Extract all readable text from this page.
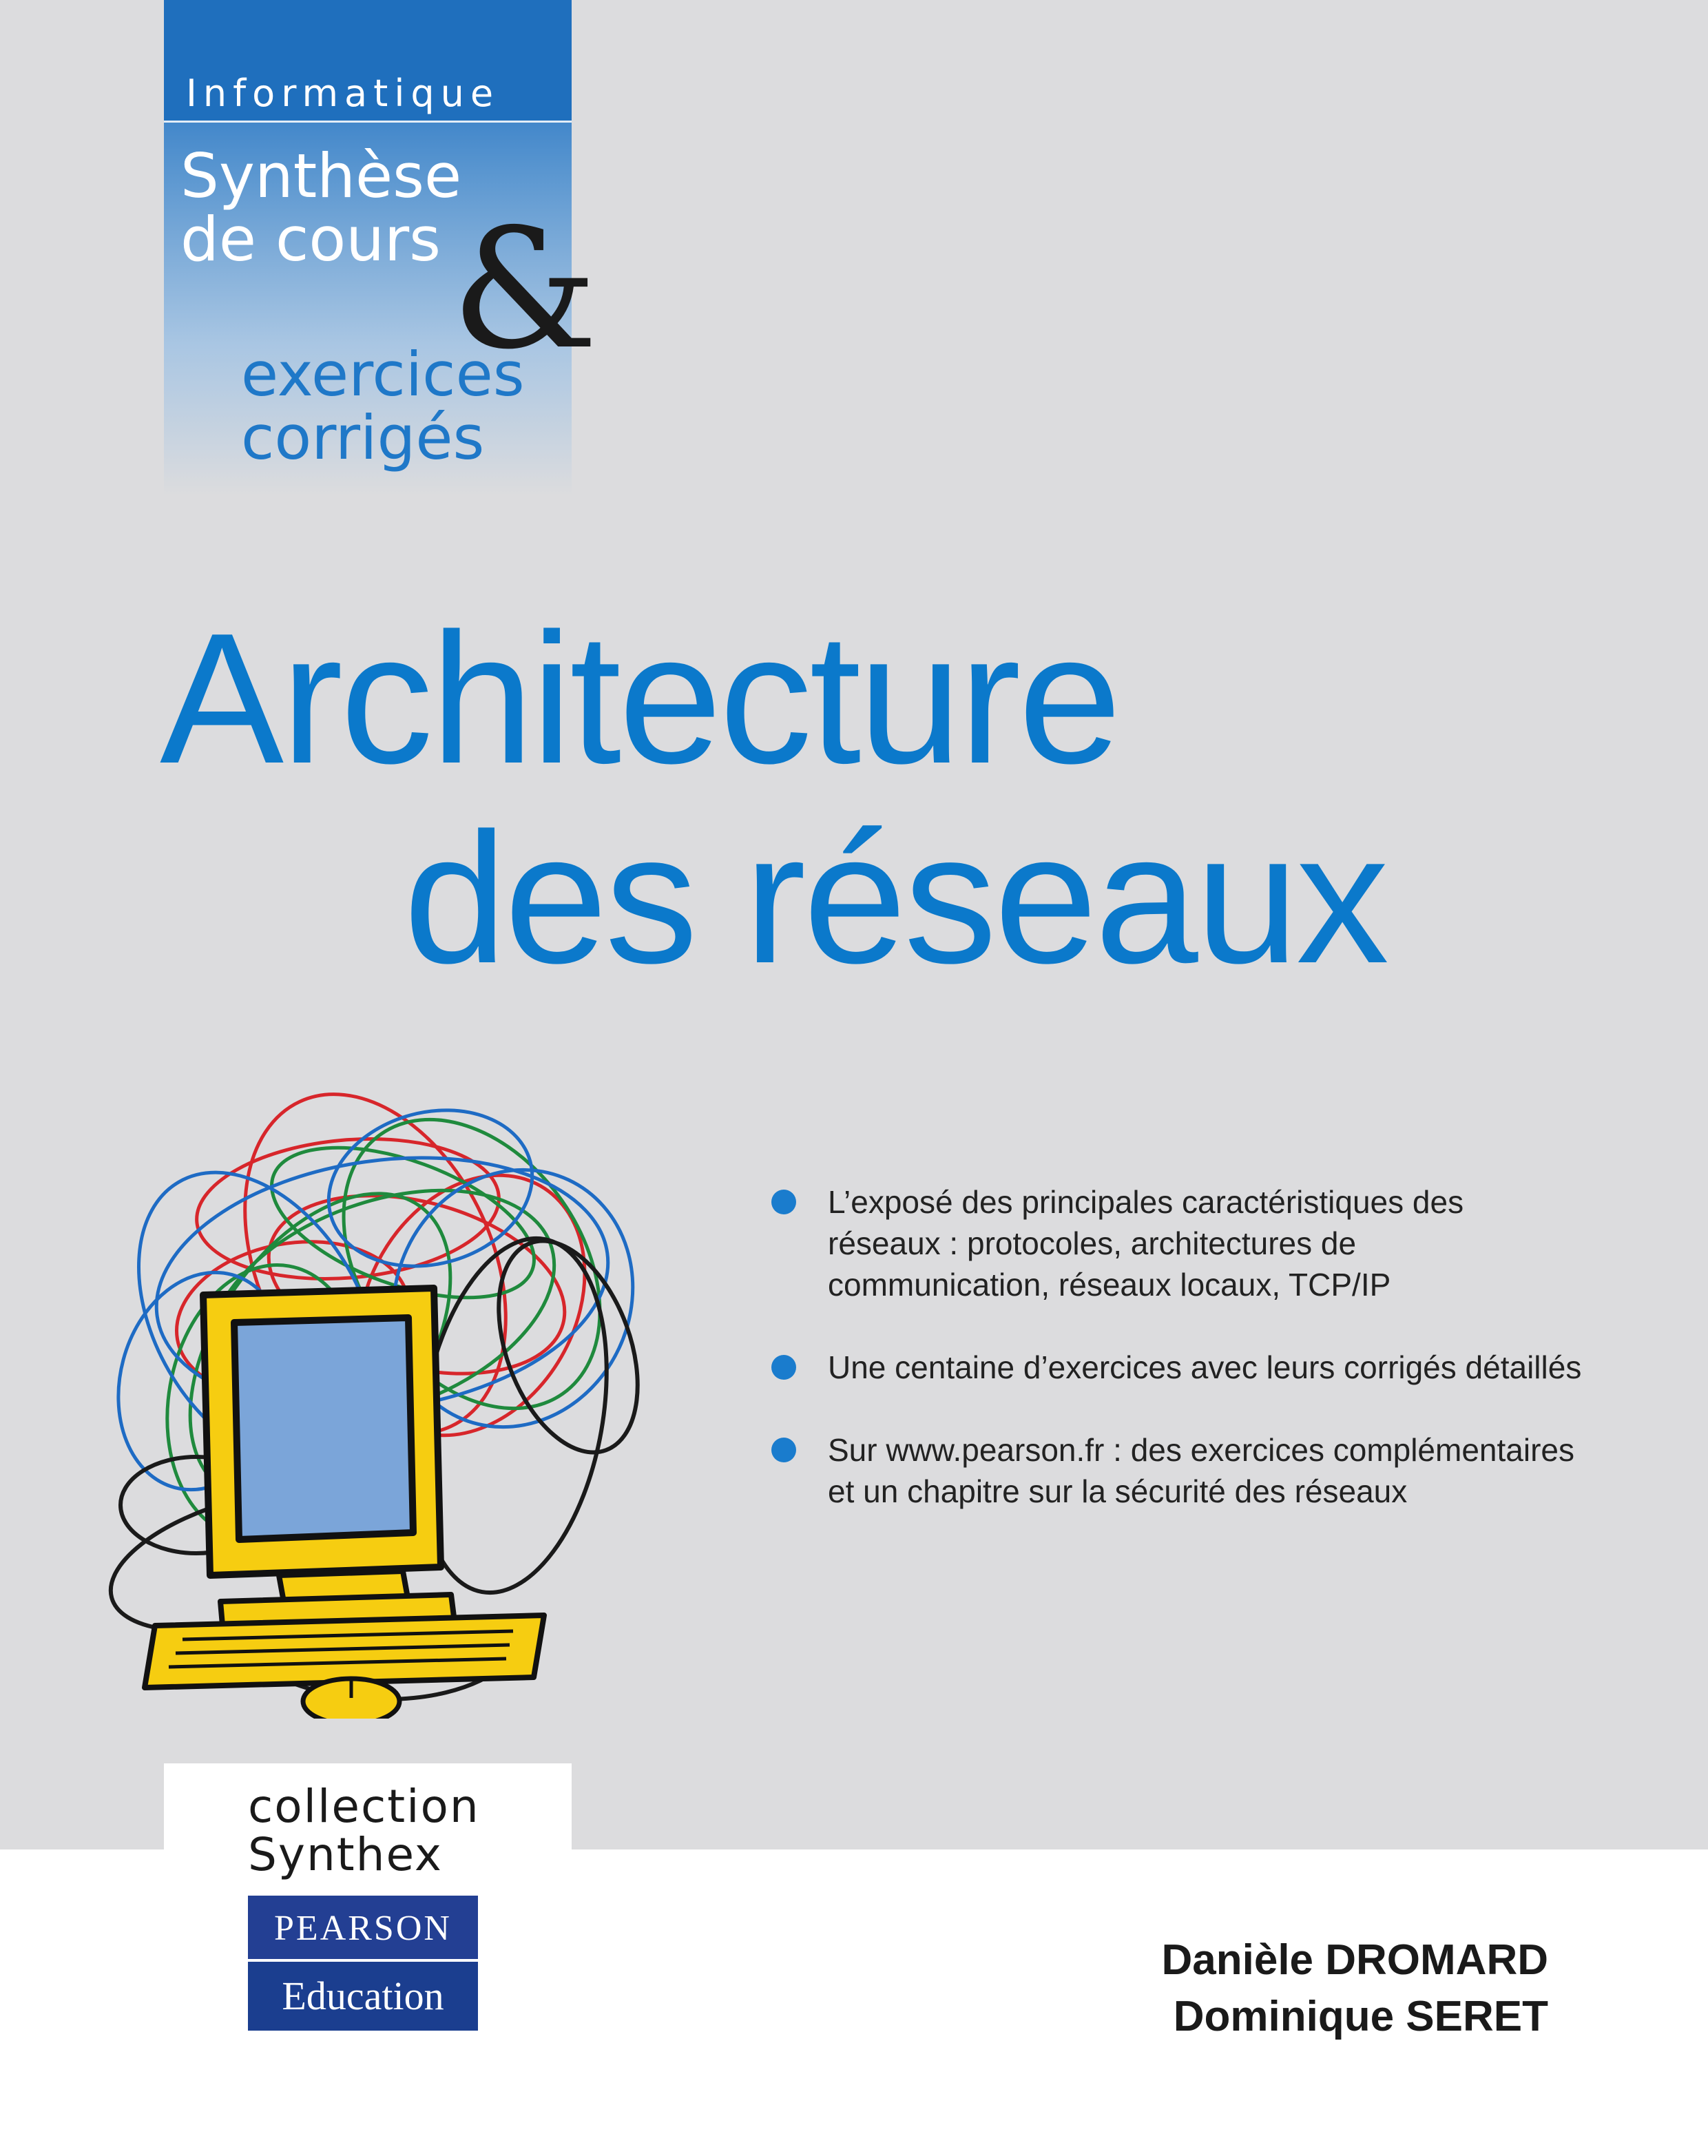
Informatique
Synthèse
de cours &
exercices
corrigés
Architecture
des réseaux
L’exposé des principales caractéristiques des réseaux : protocoles, architectures de communication, réseaux locaux, TCP/IP
Une centaine d’exercices avec leurs corrigés détaillés
Sur www.pearson.fr : des exercices complémentaires et un chapitre sur la sécurité des réseaux
collection
Synthex
PEARSON
Education
Danièle DROMARD
Dominique SERET
